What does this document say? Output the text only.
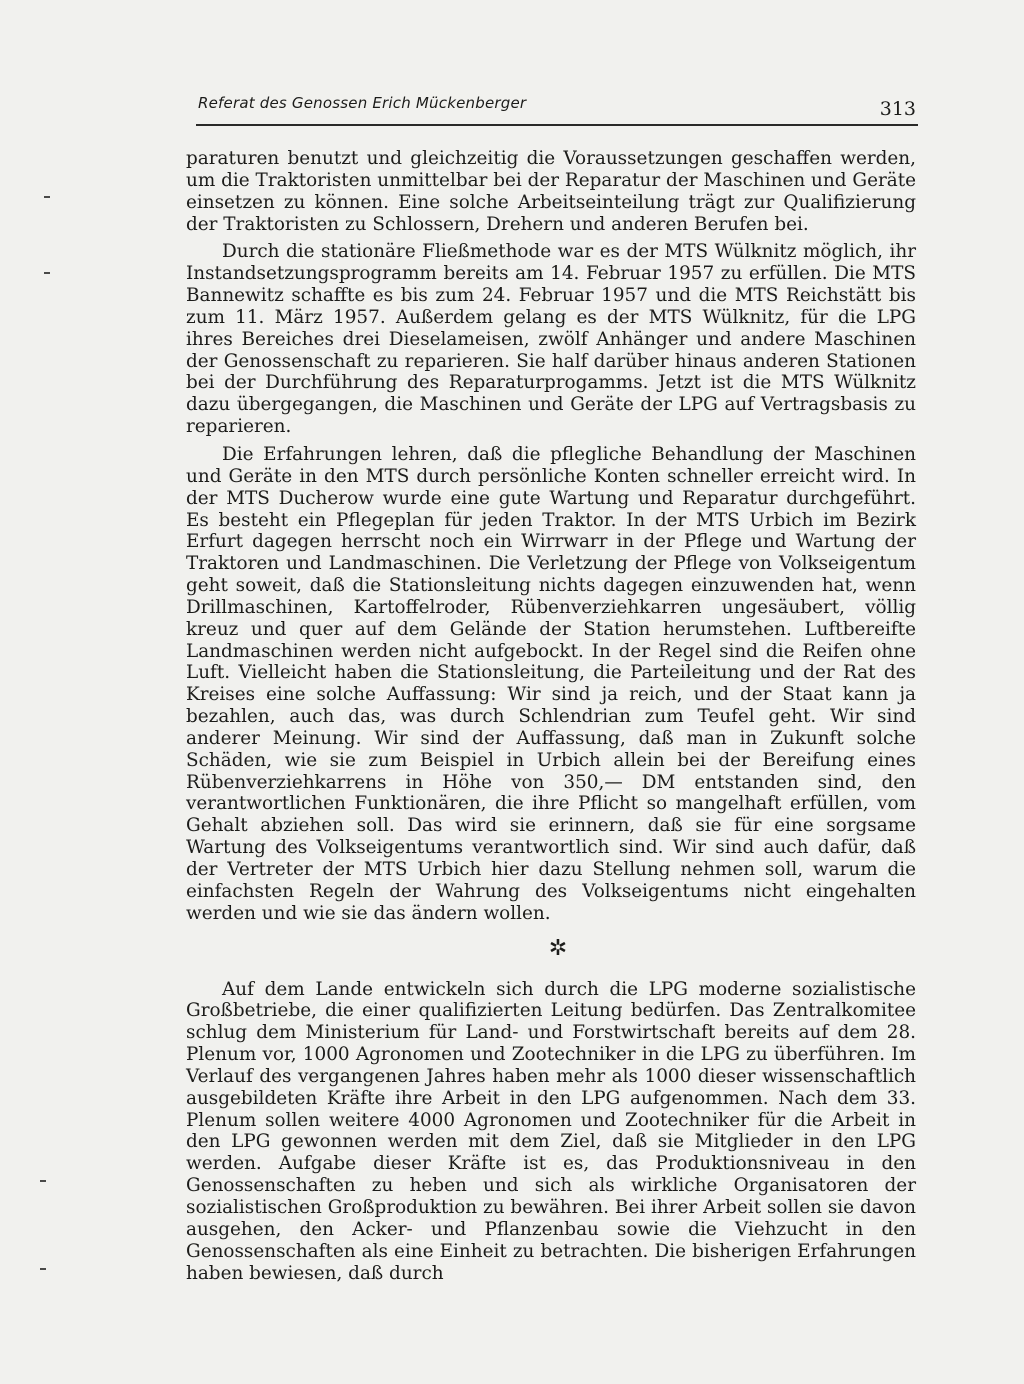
Referat des Genossen Erich Mückenberger	313

paraturen benutzt und gleichzeitig die Voraussetzungen geschaffen werden, um die Traktoristen unmittelbar bei der Reparatur der Maschinen und Geräte einsetzen zu können. Eine solche Arbeitseinteilung trägt zur Qualifizierung der Traktoristen zu Schlossern, Drehern und anderen Berufen bei.

Durch die stationäre Fließmethode war es der MTS Wülknitz möglich, ihr Instandsetzungsprogramm bereits am 14. Februar 1957 zu erfüllen. Die MTS Bannewitz schaffte es bis zum 24. Februar 1957 und die MTS Reichstätt bis zum 11. März 1957. Außerdem gelang es der MTS Wülknitz, für die LPG ihres Bereiches drei Dieselameisen, zwölf Anhänger und andere Maschinen der Genossenschaft zu reparieren. Sie half darüber hinaus anderen Stationen bei der Durchführung des Reparaturprogamms. Jetzt ist die MTS Wülknitz dazu übergegangen, die Maschinen und Geräte der LPG auf Vertragsbasis zu reparieren.

Die Erfahrungen lehren, daß die pflegliche Behandlung der Maschinen und Geräte in den MTS durch persönliche Konten schneller erreicht wird. In der MTS Ducherow wurde eine gute Wartung und Reparatur durchgeführt. Es besteht ein Pflegeplan für jeden Traktor. In der MTS Urbich im Bezirk Erfurt dagegen herrscht noch ein Wirrwarr in der Pflege und Wartung der Traktoren und Landmaschinen. Die Verletzung der Pflege von Volkseigentum geht soweit, daß die Stationsleitung nichts dagegen einzuwenden hat, wenn Drillmaschinen, Kartoffelroder, Rübenverziehkarren ungesäubert, völlig kreuz und quer auf dem Gelände der Station herumstehen. Luftbereifte Landmaschinen werden nicht aufgebockt. In der Regel sind die Reifen ohne Luft. Vielleicht haben die Stationsleitung, die Parteileitung und der Rat des Kreises eine solche Auffassung: Wir sind ja reich, und der Staat kann ja bezahlen, auch das, was durch Schlendrian zum Teufel geht. Wir sind anderer Meinung. Wir sind der Auffassung, daß man in Zukunft solche Schäden, wie sie zum Beispiel in Urbich allein bei der Bereifung eines Rübenverziehkarrens in Höhe von 350,— DM entstanden sind, den verantwortlichen Funktionären, die ihre Pflicht so mangelhaft erfüllen, vom Gehalt abziehen soll. Das wird sie erinnern, daß sie für eine sorgsame Wartung des Volkseigentums verantwortlich sind. Wir sind auch dafür, daß der Vertreter der MTS Urbich hier dazu Stellung nehmen soll, warum die einfachsten Regeln der Wahrung des Volkseigentums nicht eingehalten werden und wie sie das ändern wollen.

✲

Auf dem Lande entwickeln sich durch die LPG moderne sozialistische Großbetriebe, die einer qualifizierten Leitung bedürfen. Das Zentralkomitee schlug dem Ministerium für Land- und Forstwirtschaft bereits auf dem 28. Plenum vor, 1000 Agronomen und Zootechniker in die LPG zu überführen. Im Verlauf des vergangenen Jahres haben mehr als 1000 dieser wissenschaftlich ausgebildeten Kräfte ihre Arbeit in den LPG aufgenommen. Nach dem 33. Plenum sollen weitere 4000 Agronomen und Zootechniker für die Arbeit in den LPG gewonnen werden mit dem Ziel, daß sie Mitglieder in den LPG werden. Aufgabe dieser Kräfte ist es, das Produktionsniveau in den Genossenschaften zu heben und sich als wirkliche Organisatoren der sozialistischen Großproduktion zu bewähren. Bei ihrer Arbeit sollen sie davon ausgehen, den Acker- und Pflanzenbau sowie die Viehzucht in den Genossenschaften als eine Einheit zu betrachten. Die bisherigen Erfahrungen haben bewiesen, daß durch
